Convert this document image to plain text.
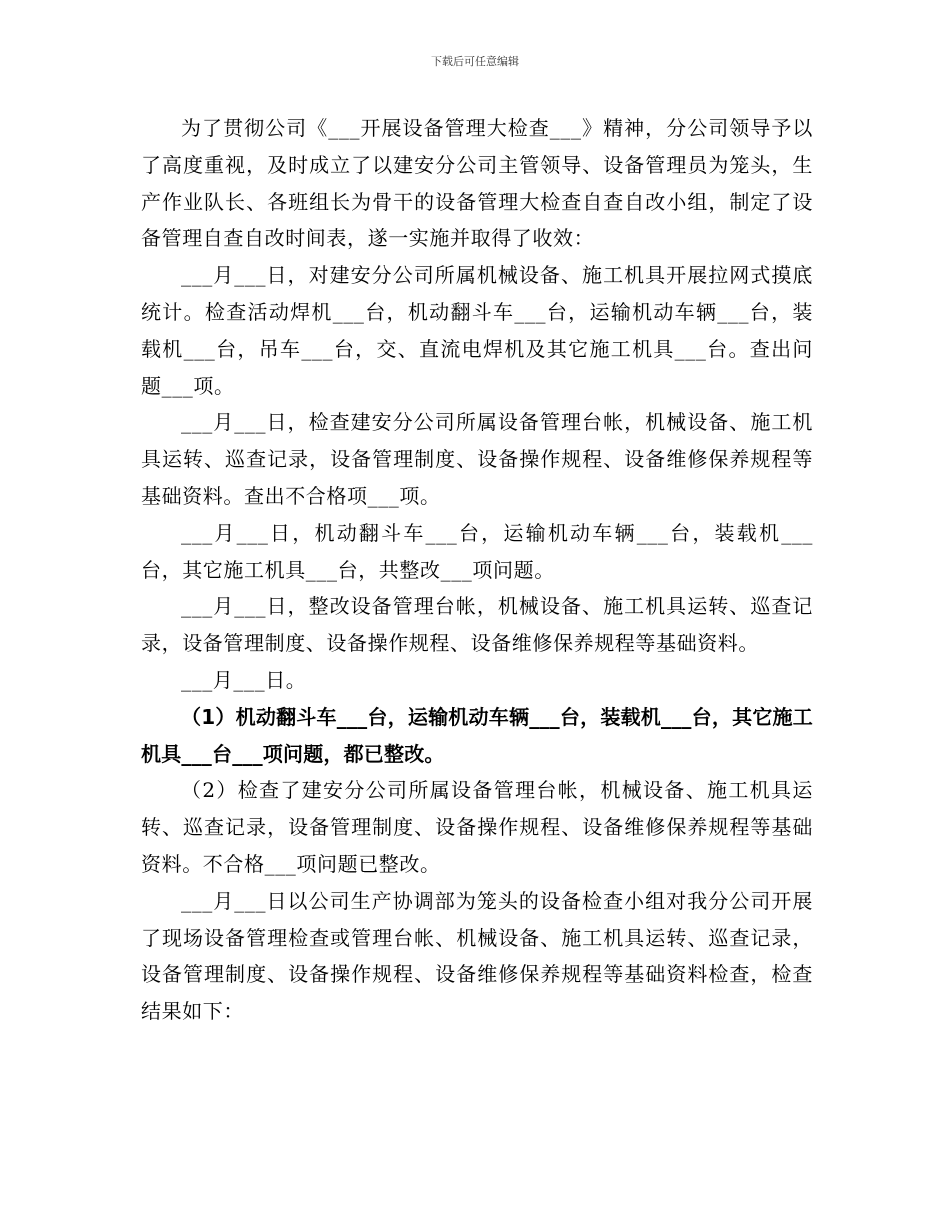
下载后可任意编辑

为了贯彻公司《___开展设备管理大检查___》精神，分公司领导予以了高度重视，及时成立了以建安分公司主管领导、设备管理员为笼头，生产作业队长、各班组长为骨干的设备管理大检查自查自改小组，制定了设备管理自查自改时间表，遂一实施并取得了收效：

___月___日，对建安分公司所属机械设备、施工机具开展拉网式摸底统计。检查活动焊机___台，机动翻斗车___台，运输机动车辆___台，装载机___台，吊车___台，交、直流电焊机及其它施工机具___台。查出问题___项。

___月___日，检查建安分公司所属设备管理台帐，机械设备、施工机具运转、巡查记录，设备管理制度、设备操作规程、设备维修保养规程等基础资料。查出不合格项___项。

___月___日，机动翻斗车___台，运输机动车辆___台，装载机___台，其它施工机具___台，共整改___项问题。

___月___日，整改设备管理台帐，机械设备、施工机具运转、巡查记录，设备管理制度、设备操作规程、设备维修保养规程等基础资料。

___月___日。

（1）机动翻斗车___台，运输机动车辆___台，装载机___台，其它施工机具___台___项问题，都已整改。

（2）检查了建安分公司所属设备管理台帐，机械设备、施工机具运转、巡查记录，设备管理制度、设备操作规程、设备维修保养规程等基础资料。不合格___项问题已整改。

___月___日以公司生产协调部为笼头的设备检查小组对我分公司开展了现场设备管理检查或管理台帐、机械设备、施工机具运转、巡查记录，设备管理制度、设备操作规程、设备维修保养规程等基础资料检查，检查结果如下：
